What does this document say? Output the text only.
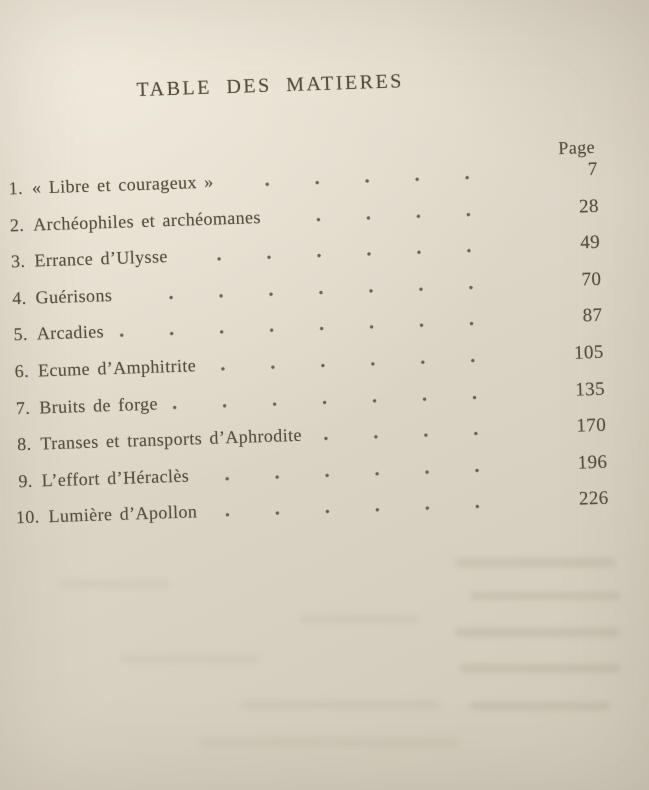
TABLE DES MATIERES
Page
1. « Libre et courageux »
7
2. Archéophiles et archéomanes
28
3. Errance d’Ulysse
49
4. Guérisons
70
5. Arcadies
87
6. Ecume d’Amphitrite
105
7. Bruits de forge
135
8. Transes et transports d’Aphrodite	170
9. L’effort d’Héraclès
196
10. Lumière d’Apollon
226
